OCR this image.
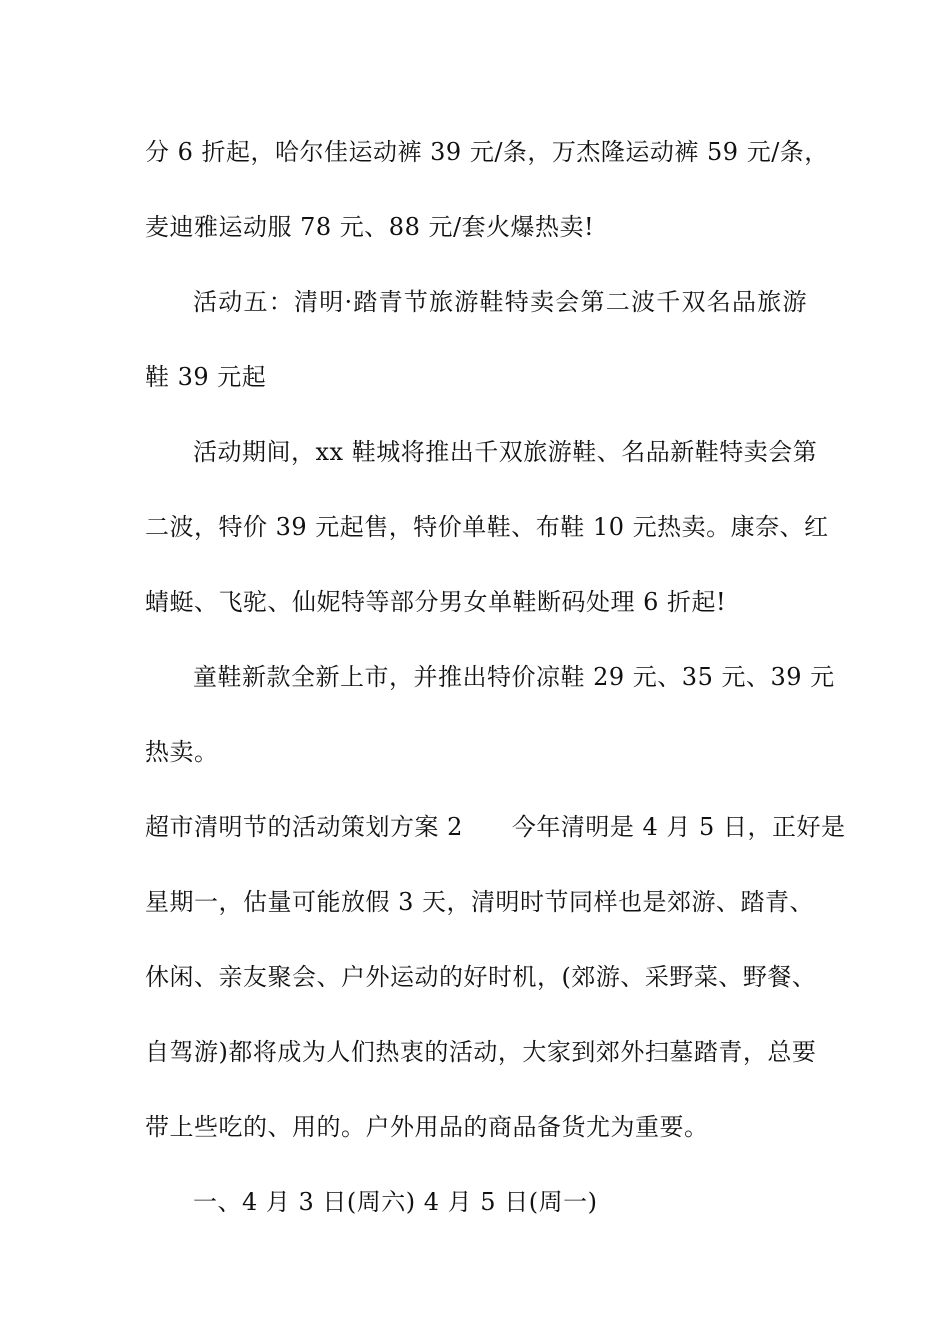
分 6 折起，哈尔佳运动裤 39 元/条，万杰隆运动裤 59 元/条，
麦迪雅运动服 78 元、88 元/套火爆热卖!
活动五：清明·踏青节旅游鞋特卖会第二波千双名品旅游
鞋 39 元起
活动期间，xx 鞋城将推出千双旅游鞋、名品新鞋特卖会第
二波，特价 39 元起售，特价单鞋、布鞋 10 元热卖。康奈、红
蜻蜓、飞驼、仙妮特等部分男女单鞋断码处理 6 折起!
童鞋新款全新上市，并推出特价凉鞋 29 元、35 元、39 元
热卖。
超市清明节的活动策划方案 2　　今年清明是 4 月 5 日，正好是
星期一，估量可能放假 3 天，清明时节同样也是郊游、踏青、
休闲、亲友聚会、户外运动的好时机，(郊游、采野菜、野餐、
自驾游)都将成为人们热衷的活动，大家到郊外扫墓踏青，总要
带上些吃的、用的。户外用品的商品备货尤为重要。
一、4 月 3 日(周六) 4 月 5 日(周一)
